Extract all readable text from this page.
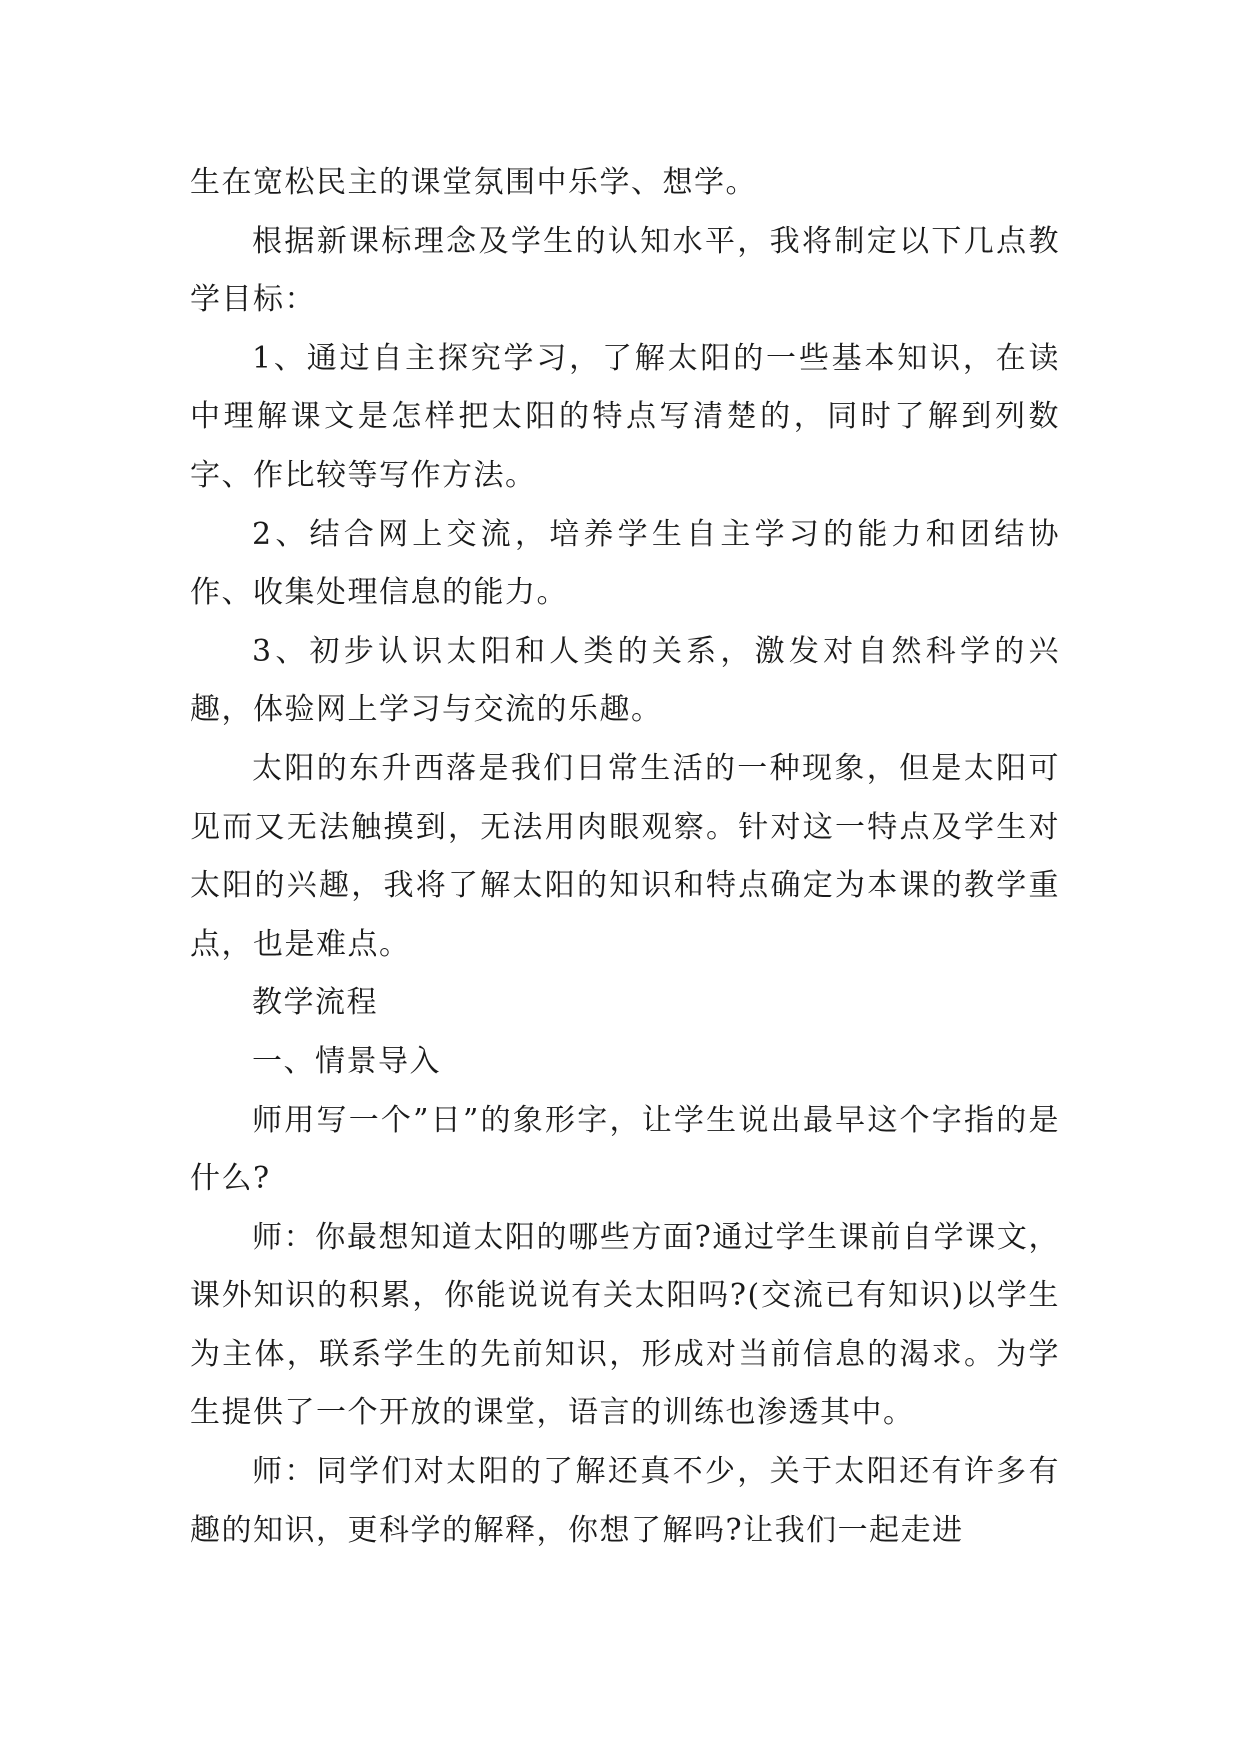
生在宽松民主的课堂氛围中乐学、想学。

根据新课标理念及学生的认知水平，我将制定以下几点教学目标：

1、通过自主探究学习，了解太阳的一些基本知识，在读中理解课文是怎样把太阳的特点写清楚的，同时了解到列数字、作比较等写作方法。

2、结合网上交流，培养学生自主学习的能力和团结协作、收集处理信息的能力。

3、初步认识太阳和人类的关系，激发对自然科学的兴趣，体验网上学习与交流的乐趣。

太阳的东升西落是我们日常生活的一种现象，但是太阳可见而又无法触摸到，无法用肉眼观察。针对这一特点及学生对太阳的兴趣，我将了解太阳的知识和特点确定为本课的教学重点，也是难点。

教学流程

一、情景导入

师用写一个”日”的象形字，让学生说出最早这个字指的是什么?

师：你最想知道太阳的哪些方面?通过学生课前自学课文，课外知识的积累，你能说说有关太阳吗?(交流已有知识)以学生为主体，联系学生的先前知识，形成对当前信息的渴求。为学生提供了一个开放的课堂，语言的训练也渗透其中。

师：同学们对太阳的了解还真不少，关于太阳还有许多有趣的知识，更科学的解释，你想了解吗?让我们一起走进
